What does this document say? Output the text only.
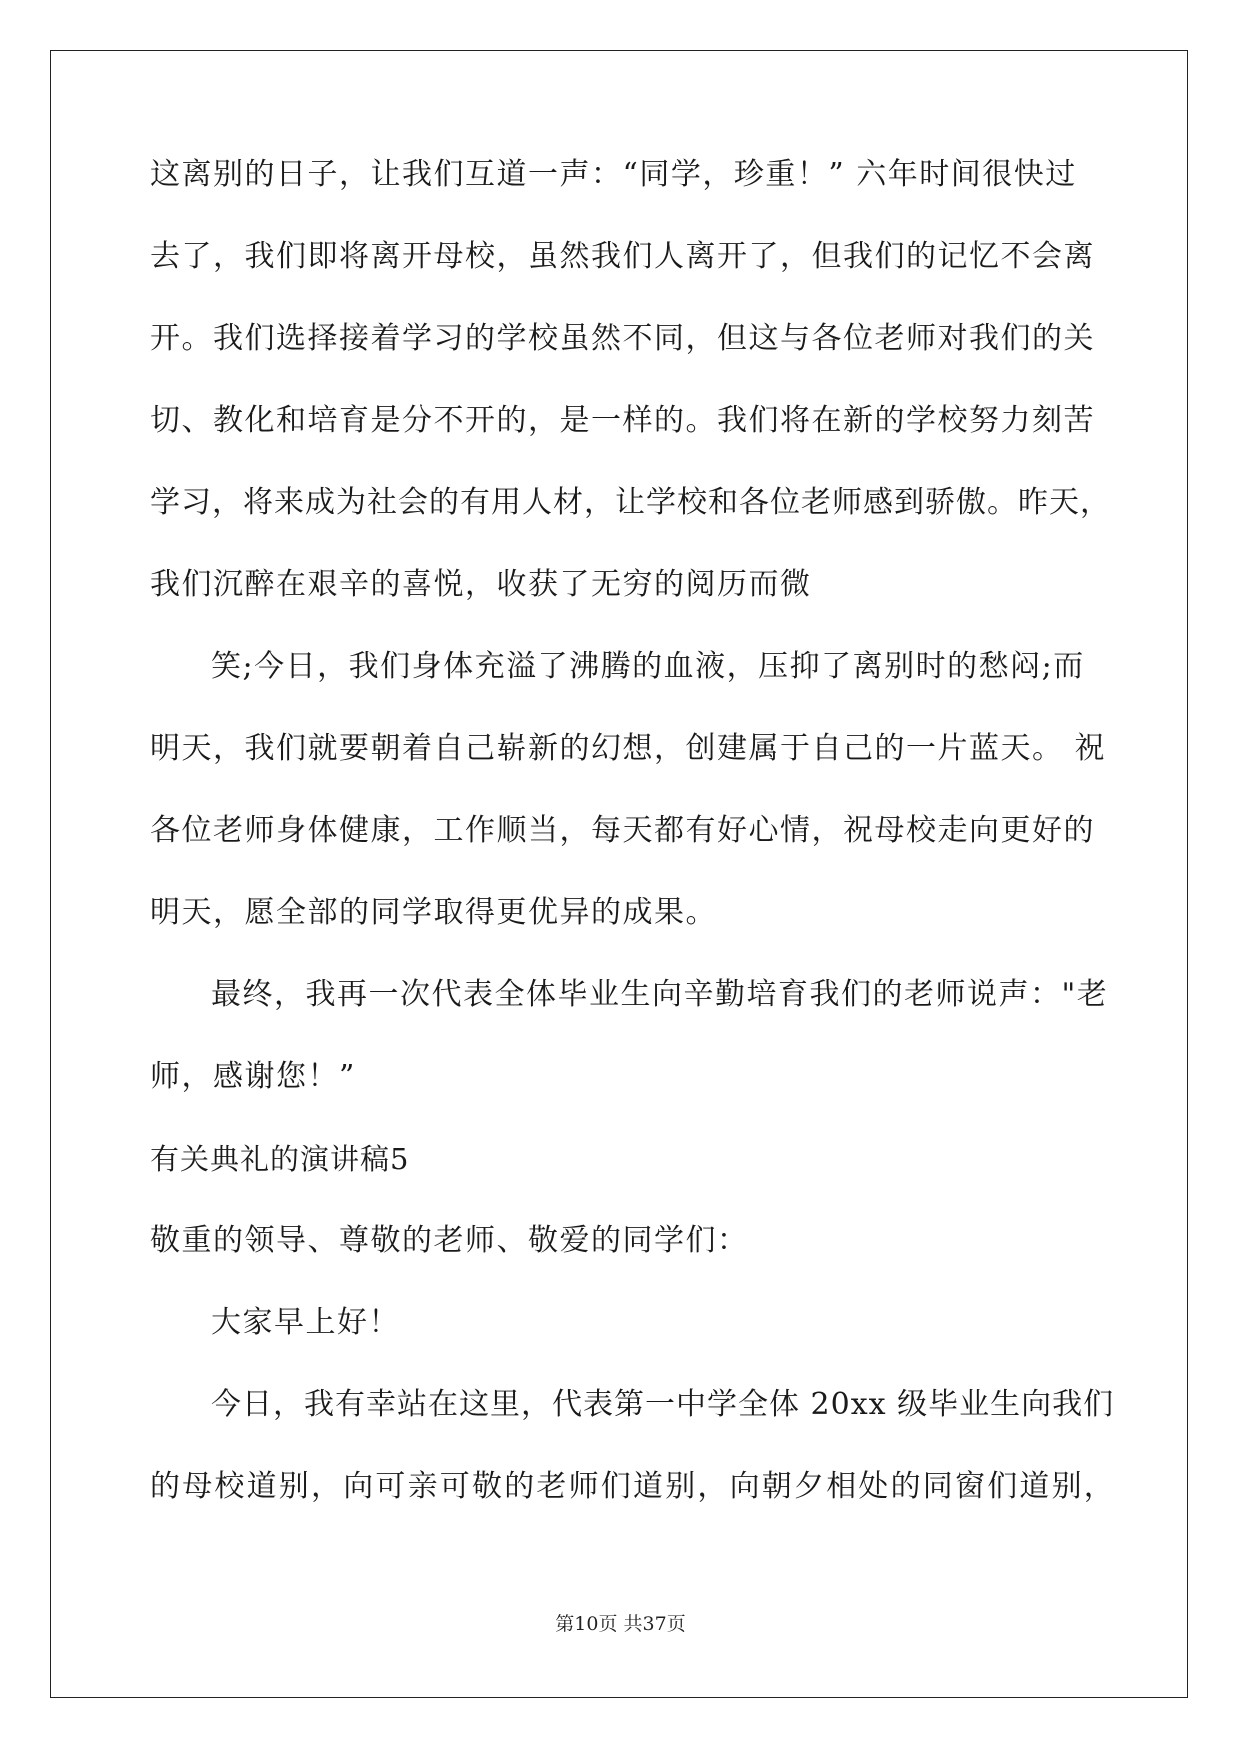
这离别的日子，让我们互道一声：“同学，珍重！” 六年时间很快过
去了，我们即将离开母校，虽然我们人离开了，但我们的记忆不会离
开。我们选择接着学习的学校虽然不同，但这与各位老师对我们的关
切、教化和培育是分不开的，是一样的。我们将在新的学校努力刻苦
学习，将来成为社会的有用人材，让学校和各位老师感到骄傲。昨天，
我们沉醉在艰辛的喜悦，收获了无穷的阅历而微
笑;今日，我们身体充溢了沸腾的血液，压抑了离别时的愁闷;而
明天，我们就要朝着自己崭新的幻想，创建属于自己的一片蓝天。 祝
各位老师身体健康，工作顺当，每天都有好心情，祝母校走向更好的
明天，愿全部的同学取得更优异的成果。
最终，我再一次代表全体毕业生向辛勤培育我们的老师说声："老
师，感谢您！”
有关典礼的演讲稿5
敬重的领导、尊敬的老师、敬爱的同学们：
大家早上好！
今日，我有幸站在这里，代表第一中学全体 20xx 级毕业生向我们
的母校道别，向可亲可敬的老师们道别，向朝夕相处的同窗们道别，
第10页 共37页
